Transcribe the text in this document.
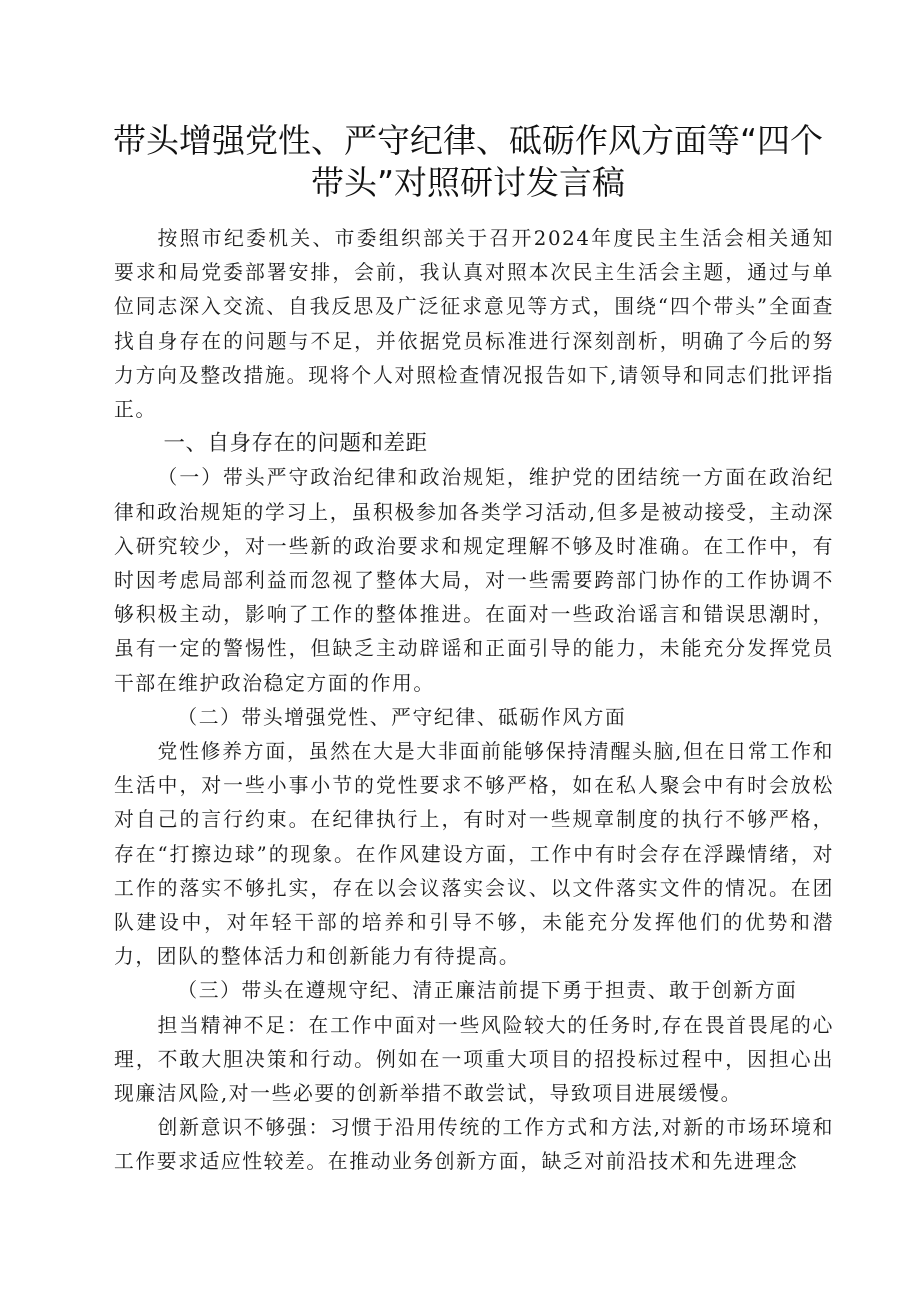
带头增强党性、严守纪律、砥砺作风方面等“四个带头”对照研讨发言稿

按照市纪委机关、市委组织部关于召开2024年度民主生活会相关通知要求和局党委部署安排，会前，我认真对照本次民主生活会主题，通过与单位同志深入交流、自我反思及广泛征求意见等方式，围绕“四个带头”全面查找自身存在的问题与不足，并依据党员标准进行深刻剖析，明确了今后的努力方向及整改措施。现将个人对照检查情况报告如下,请领导和同志们批评指正。

一、自身存在的问题和差距

（一）带头严守政治纪律和政治规矩，维护党的团结统一方面在政治纪律和政治规矩的学习上，虽积极参加各类学习活动,但多是被动接受，主动深入研究较少，对一些新的政治要求和规定理解不够及时准确。在工作中，有时因考虑局部利益而忽视了整体大局，对一些需要跨部门协作的工作协调不够积极主动，影响了工作的整体推进。在面对一些政治谣言和错误思潮时，虽有一定的警惕性，但缺乏主动辟谣和正面引导的能力，未能充分发挥党员干部在维护政治稳定方面的作用。

（二）带头增强党性、严守纪律、砥砺作风方面

党性修养方面，虽然在大是大非面前能够保持清醒头脑,但在日常工作和生活中，对一些小事小节的党性要求不够严格，如在私人聚会中有时会放松对自己的言行约束。在纪律执行上，有时对一些规章制度的执行不够严格，存在“打擦边球”的现象。在作风建设方面，工作中有时会存在浮躁情绪，对工作的落实不够扎实，存在以会议落实会议、以文件落实文件的情况。在团队建设中，对年轻干部的培养和引导不够，未能充分发挥他们的优势和潜力，团队的整体活力和创新能力有待提高。

（三）带头在遵规守纪、清正廉洁前提下勇于担责、敢于创新方面

担当精神不足：在工作中面对一些风险较大的任务时,存在畏首畏尾的心理，不敢大胆决策和行动。例如在一项重大项目的招投标过程中，因担心出现廉洁风险,对一些必要的创新举措不敢尝试，导致项目进展缓慢。

创新意识不够强：习惯于沿用传统的工作方式和方法,对新的市场环境和工作要求适应性较差。在推动业务创新方面，缺乏对前沿技术和先进理念
